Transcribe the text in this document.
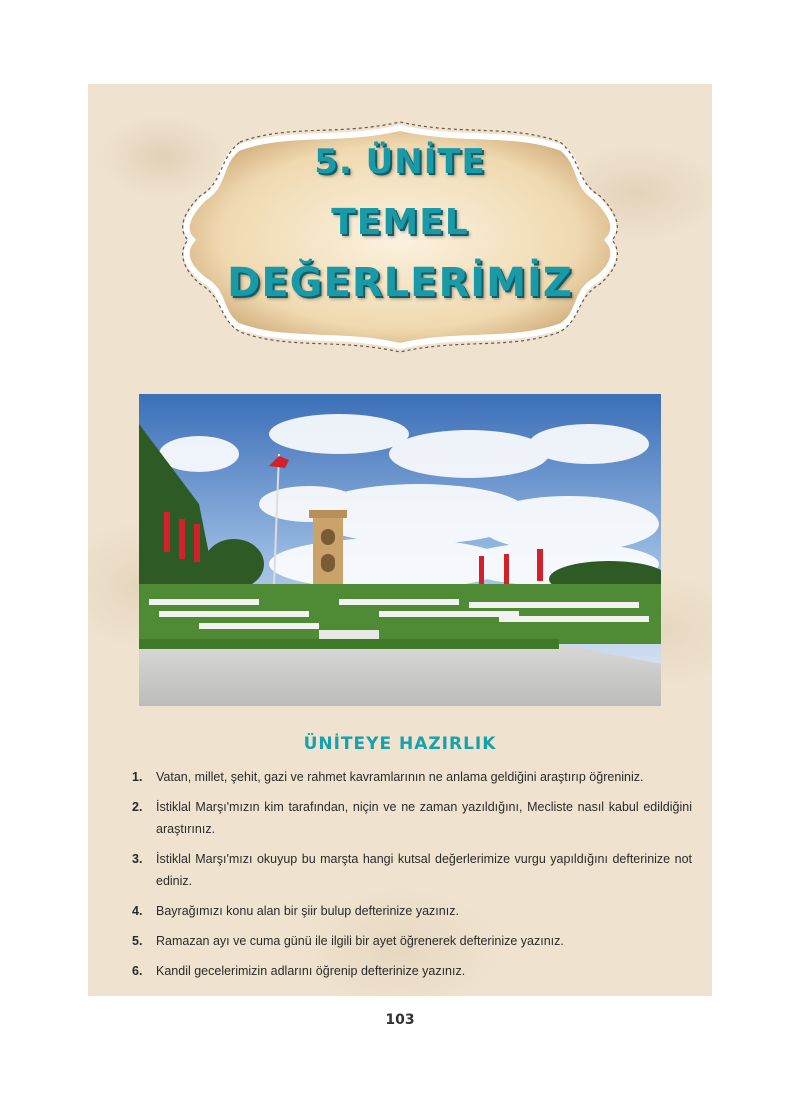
5. ÜNİTE
TEMEL
DEĞERLERİMİZ
ÜNİTEYE HAZIRLIK
1. Vatan, millet, şehit, gazi ve rahmet kavramlarının ne anlama geldiğini araştırıp öğreniniz.
2. İstiklal Marşı'mızın kim tarafından, niçin ve ne zaman yazıldığını, Mecliste nasıl kabul edildiğini araştırınız.
3. İstiklal Marşı'mızı okuyup bu marşta hangi kutsal değerlerimize vurgu yapıldığını defterinize not ediniz.
4. Bayrağımızı konu alan bir şiir bulup defterinize yazınız.
5. Ramazan ayı ve cuma günü ile ilgili bir ayet öğrenerek defterinize yazınız.
6. Kandil gecelerimizin adlarını öğrenip defterinize yazınız.
103
